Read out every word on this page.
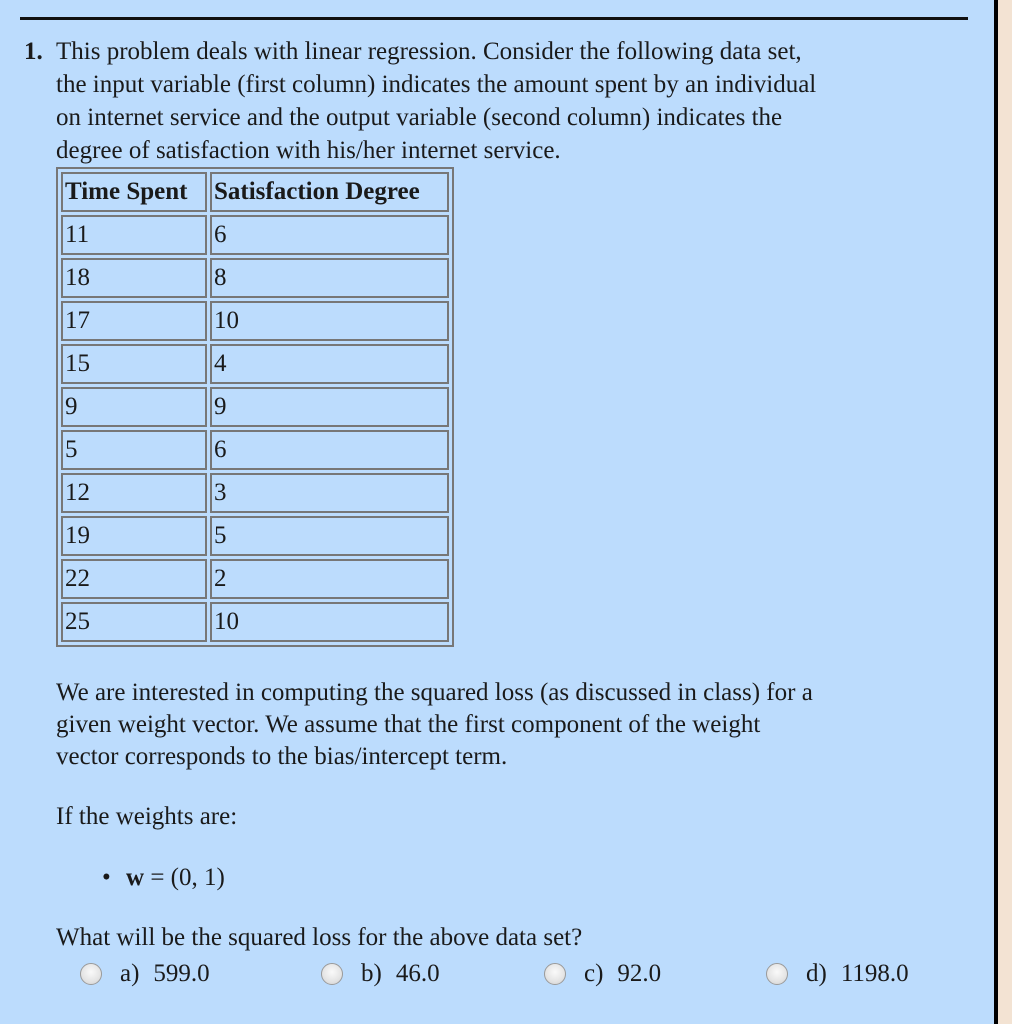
1. This problem deals with linear regression. Consider the following data set,
the input variable (first column) indicates the amount spent by an individual
on internet service and the output variable (second column) indicates the
degree of satisfaction with his/her internet service.
Time Spent	Satisfaction Degree
11	6
18	8
17	10
15	4
9	9
5	6
12	3
19	5
22	2
25	10
We are interested in computing the squared loss (as discussed in class) for a
given weight vector. We assume that the first component of the weight
vector corresponds to the bias/intercept term.
If the weights are:
• w = (0, 1)
What will be the squared loss for the above data set?
a) 599.0	b) 46.0	c) 92.0	d) 1198.0
